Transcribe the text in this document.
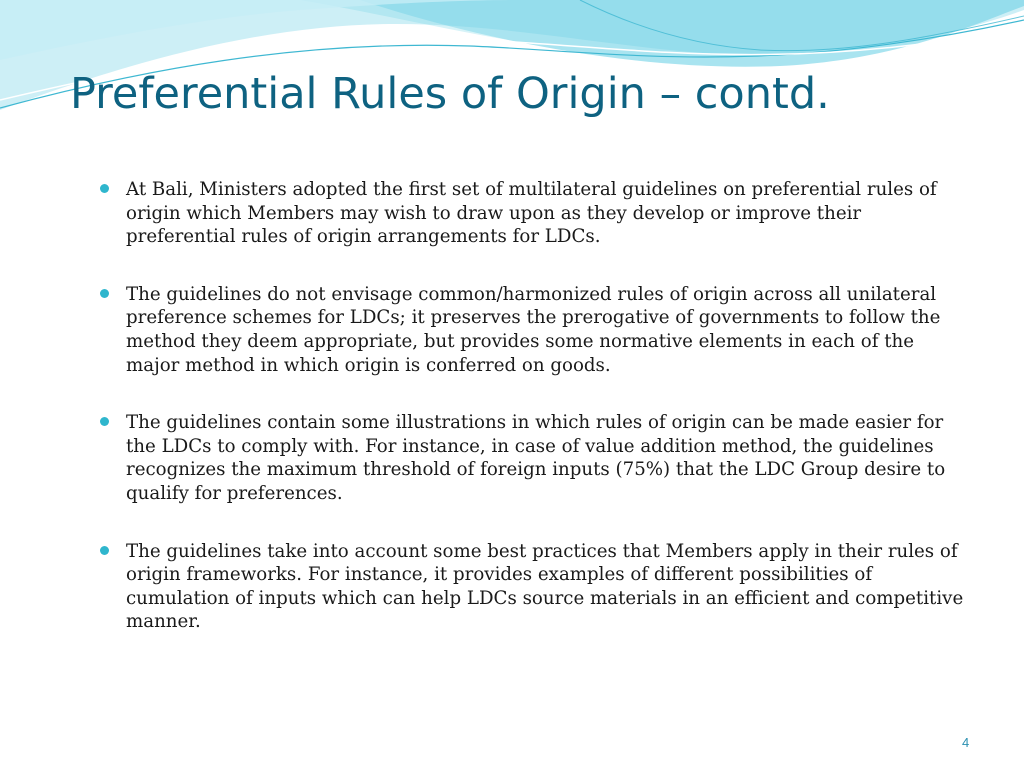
Preferential Rules of Origin – contd.
At Bali, Ministers adopted the first set of multilateral guidelines on preferential rules of origin which Members may wish to draw upon as they develop or improve their preferential rules of origin arrangements for LDCs.
The guidelines do not envisage common/harmonized rules of origin across all unilateral preference schemes for LDCs; it preserves the prerogative of governments to follow the method they deem appropriate, but provides some normative elements in each of the major method in which origin is conferred on goods.
The guidelines contain some illustrations in which rules of origin can be made easier for the LDCs to comply with. For instance, in case of value addition method, the guidelines recognizes the maximum threshold of foreign inputs (75%) that the LDC Group desire to qualify for preferences.
The guidelines take into account some best practices that Members apply in their rules of origin frameworks. For instance, it provides examples of different possibilities of cumulation of inputs which can help LDCs source materials in an efficient and competitive manner.
4
